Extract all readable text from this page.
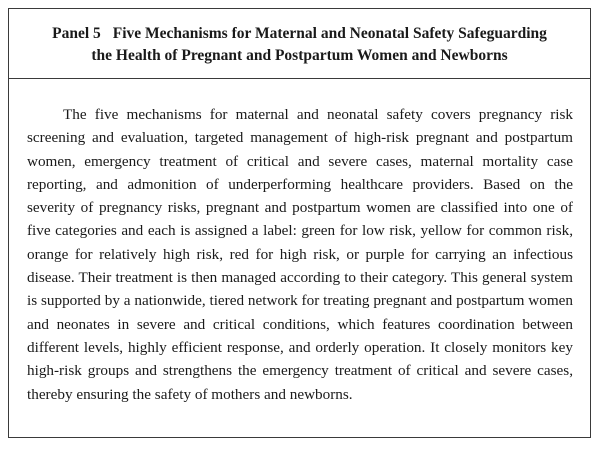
Panel 5 Five Mechanisms for Maternal and Neonatal Safety Safeguarding
the Health of Pregnant and Postpartum Women and Newborns

The five mechanisms for maternal and neonatal safety covers pregnancy risk screening and evaluation, targeted management of high-risk pregnant and postpartum women, emergency treatment of critical and severe cases, maternal mortality case reporting, and admonition of underperforming healthcare providers. Based on the severity of pregnancy risks, pregnant and postpartum women are classified into one of five categories and each is assigned a label: green for low risk, yellow for common risk, orange for relatively high risk, red for high risk, or purple for carrying an infectious disease. Their treatment is then managed according to their category. This general system is supported by a nationwide, tiered network for treating pregnant and postpartum women and neonates in severe and critical conditions, which features coordination between different levels, highly efficient response, and orderly operation. It closely monitors key high-risk groups and strengthens the emergency treatment of critical and severe cases, thereby ensuring the safety of mothers and newborns.
